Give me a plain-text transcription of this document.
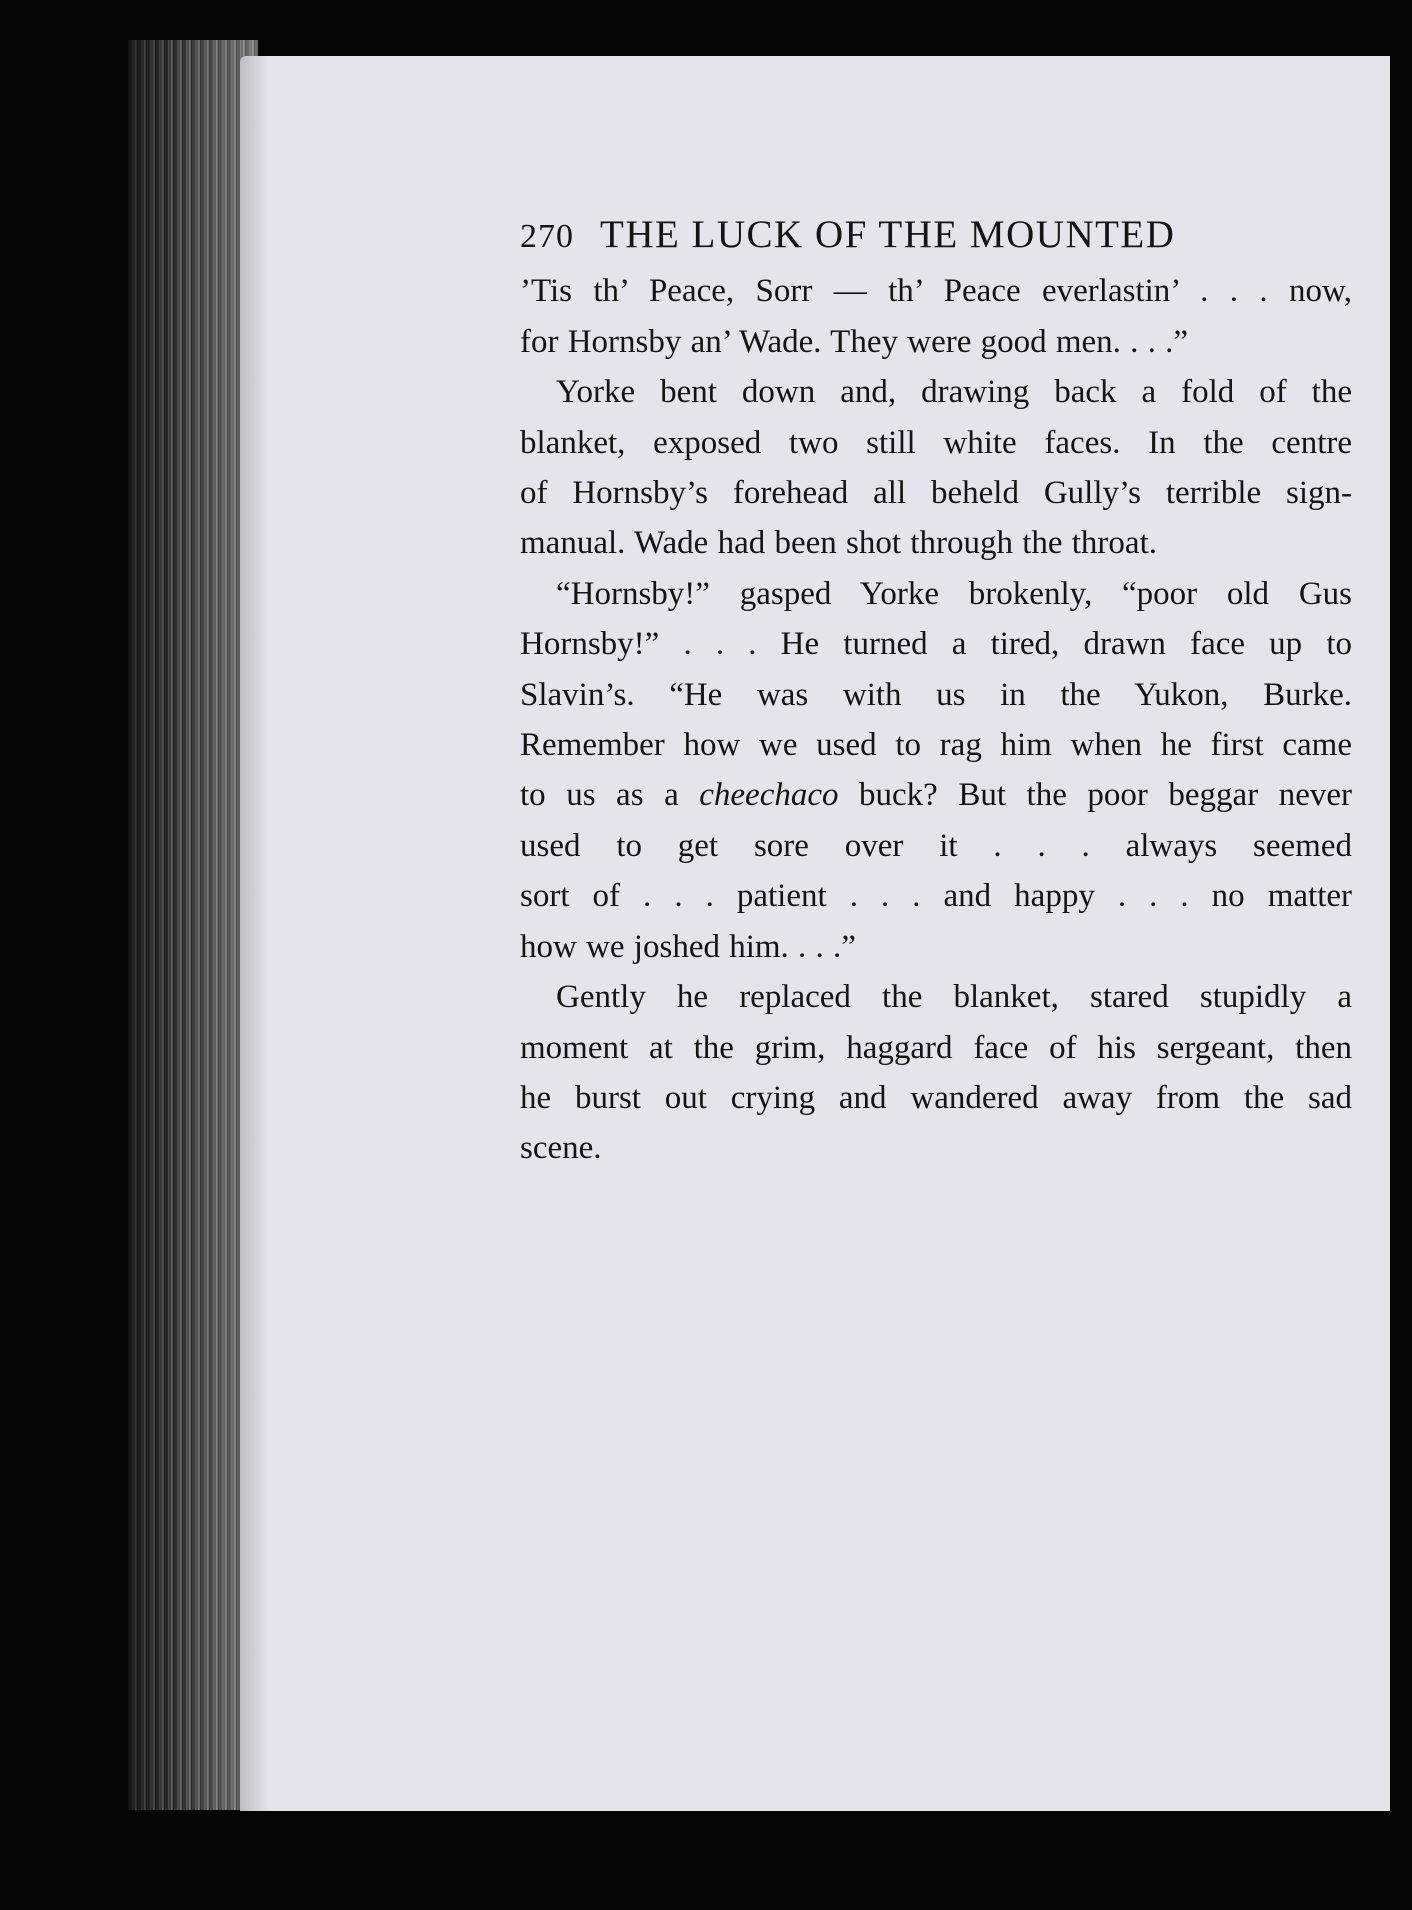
270 THE LUCK OF THE MOUNTED
’Tis th’ Peace, Sorr — th’ Peace everlastin’ . . . now,
for Hornsby an’ Wade. They were good men. . . .”
Yorke bent down and, drawing back a fold of the
blanket, exposed two still white faces. In the centre
of Hornsby’s forehead all beheld Gully’s terrible sign-
manual. Wade had been shot through the throat.
“Hornsby!” gasped Yorke brokenly, “poor old Gus
Hornsby!” . . . He turned a tired, drawn face up to
Slavin’s. “He was with us in the Yukon, Burke.
Remember how we used to rag him when he first came
to us as a cheechaco buck? But the poor beggar never
used to get sore over it . . . always seemed
sort of . . . patient . . . and happy . . . no matter
how we joshed him. . . .”
Gently he replaced the blanket, stared stupidly a
moment at the grim, haggard face of his sergeant, then
he burst out crying and wandered away from the sad
scene.
